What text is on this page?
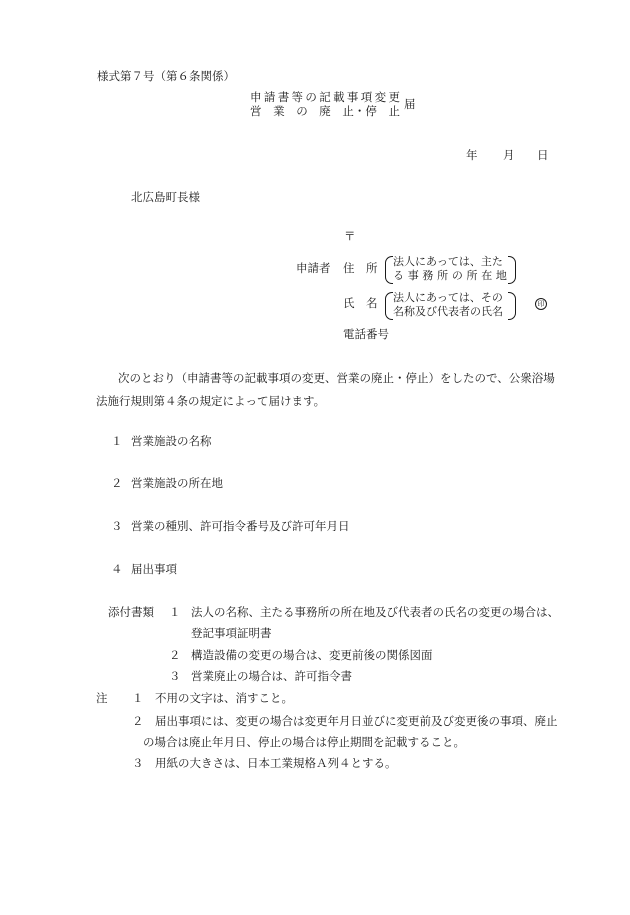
様式第７号（第６条関係）
申 請 書 等 の 記 載 事 項 変 更
営 業 の 廃 止・停 止 届
年 月 日
北広島町長様
〒
申請者 住　所 法人にあっては、主た
る 事 務 所 の 所 在 地
氏　名 法人にあっては、その
名称及び代表者の氏名
印
電話番号
次のとおり（申請書等の記載事項の変更、営業の廃止・停止）をしたので、公衆浴場
法施行規則第４条の規定によって届けます。
１ 営業施設の名称
２ 営業施設の所在地
３ 営業の種別、許可指令番号及び許可年月日
４ 届出事項
添付書類 １ 法人の名称、主たる事務所の所在地及び代表者の氏名の変更の場合は、
登記事項証明書
２ 構造設備の変更の場合は、変更前後の関係図面
３ 営業廃止の場合は、許可指令書
注 １ 不用の文字は、消すこと。
２ 届出事項には、変更の場合は変更年月日並びに変更前及び変更後の事項、廃止
の場合は廃止年月日、停止の場合は停止期間を記載すること。
３ 用紙の大きさは、日本工業規格Ａ列４とする。
